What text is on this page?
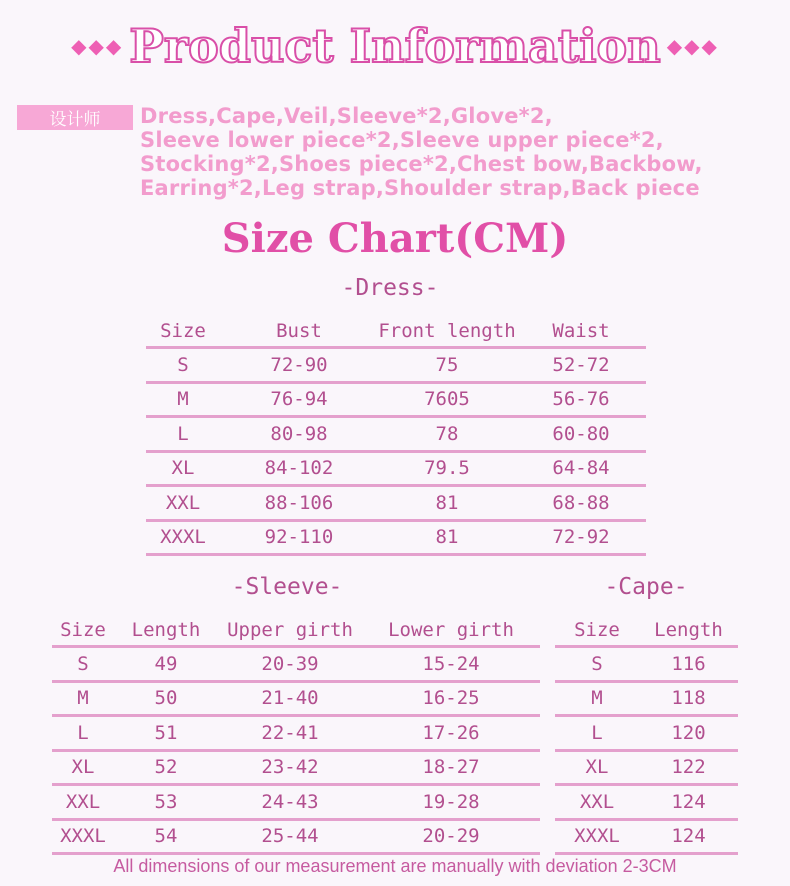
◆◆◆ Product Information ◆◆◆
设计师	Dress,Cape,Veil,Sleeve*2,Glove*2,
Sleeve lower piece*2,Sleeve upper piece*2,
Stocking*2,Shoes piece*2,Chest bow,Backbow,
Earring*2,Leg strap,Shoulder strap,Back piece
Size Chart(CM)
-Dress-
Size	Bust	Front length	Waist
S	72-90	75	52-72
M	76-94	7605	56-76
L	80-98	78	60-80
XL	84-102	79.5	64-84
XXL	88-106	81	68-88
XXXL	92-110	81	72-92
-Sleeve-
Size	Length	Upper girth	Lower girth
S	49	20-39	15-24
M	50	21-40	16-25
L	51	22-41	17-26
XL	52	23-42	18-27
XXL	53	24-43	19-28
XXXL	54	25-44	20-29
-Cape-
Size	Length
S	116
M	118
L	120
XL	122
XXL	124
XXXL	124
All dimensions of our measurement are manually with deviation 2-3CM
